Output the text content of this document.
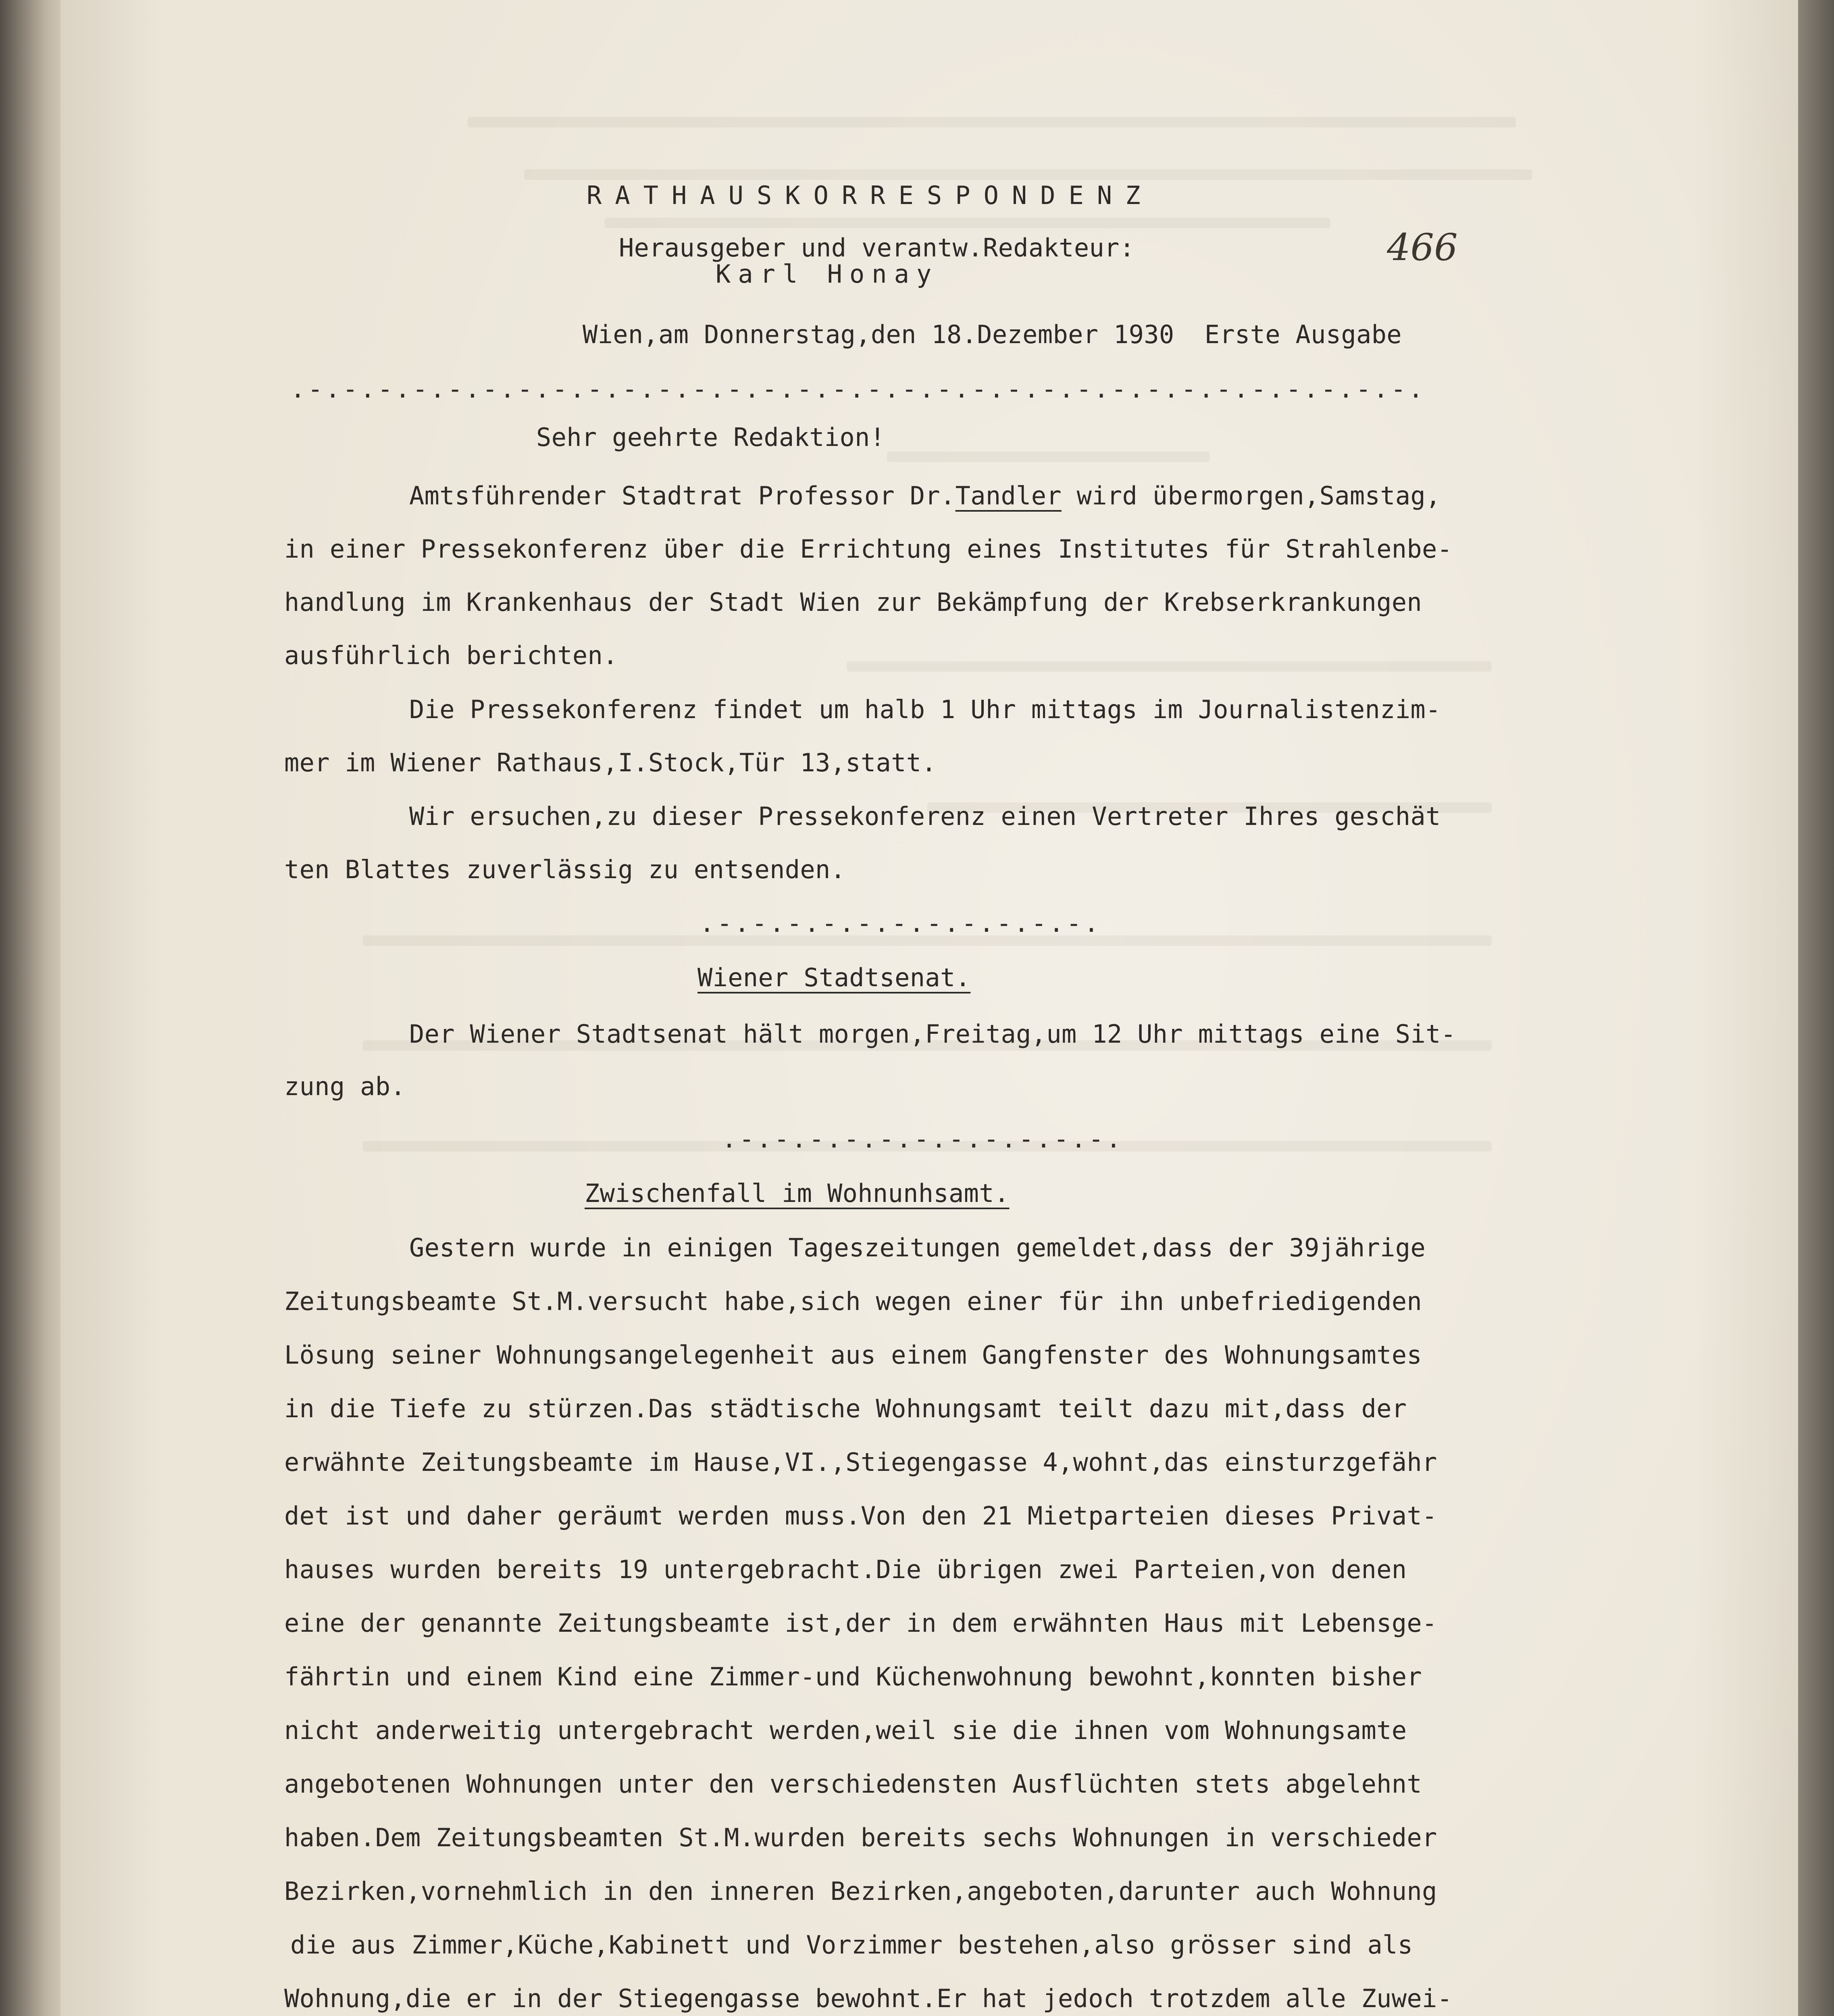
RATHAUSKORRESPONDENZ
Herausgeber und verantw.Redakteur:
Karl Honay
466
Wien,am Donnerstag,den 18.Dezember 1930  Erste Ausgabe
.-.-.-.-.-.-.-.-.-.-.-.-.-.-.-.-.-.-.-.-.-.-.-.-.-.-.-.-.-.-.-.-.
Sehr geehrte Redaktion!
Amtsführender Stadtrat Professor Dr.Tandler wird übermorgen,Samstag,
in einer Pressekonferenz über die Errichtung eines Institutes für Strahlenbe-
handlung im Krankenhaus der Stadt Wien zur Bekämpfung der Krebserkrankungen
ausführlich berichten.
Die Pressekonferenz findet um halb 1 Uhr mittags im Journalistenzim-
mer im Wiener Rathaus,I.Stock,Tür 13,statt.
Wir ersuchen,zu dieser Pressekonferenz einen Vertreter Ihres geschät
ten Blattes zuverlässig zu entsenden.
.-.-.-.-.-.-.-.-.-.-.-.
Wiener Stadtsenat.
Der Wiener Stadtsenat hält morgen,Freitag,um 12 Uhr mittags eine Sit-
zung ab.
.-.-.-.-.-.-.-.-.-.-.-.
Zwischenfall im Wohnunhsamt.
Gestern wurde in einigen Tageszeitungen gemeldet,dass der 39jährige
Zeitungsbeamte St.M.versucht habe,sich wegen einer für ihn unbefriedigenden
Lösung seiner Wohnungsangelegenheit aus einem Gangfenster des Wohnungsamtes
in die Tiefe zu stürzen.Das städtische Wohnungsamt teilt dazu mit,dass der
erwähnte Zeitungsbeamte im Hause,VI.,Stiegengasse 4,wohnt,das einsturzgefähr
det ist und daher geräumt werden muss.Von den 21 Mietparteien dieses Privat-
hauses wurden bereits 19 untergebracht.Die übrigen zwei Parteien,von denen
eine der genannte Zeitungsbeamte ist,der in dem erwähnten Haus mit Lebensge-
fährtin und einem Kind eine Zimmer-und Küchenwohnung bewohnt,konnten bisher
nicht anderweitig untergebracht werden,weil sie die ihnen vom Wohnungsamte
angebotenen Wohnungen unter den verschiedensten Ausflüchten stets abgelehnt
haben.Dem Zeitungsbeamten St.M.wurden bereits sechs Wohnungen in verschieder
Bezirken,vornehmlich in den inneren Bezirken,angeboten,darunter auch Wohnung
die aus Zimmer,Küche,Kabinett und Vorzimmer bestehen,also grösser sind als
Wohnung,die er in der Stiegengasse bewohnt.Er hat jedoch trotzdem alle Zuwei-
